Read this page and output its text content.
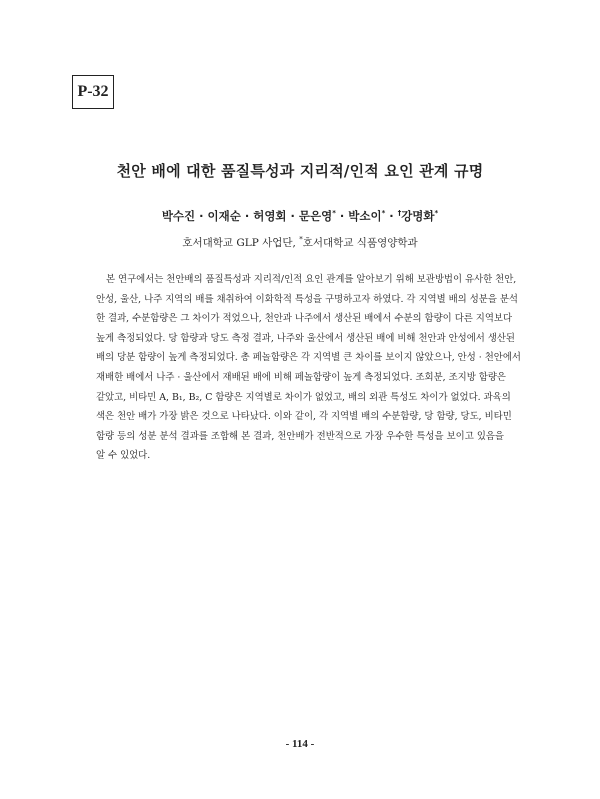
P-32
천안 배에 대한 품질특성과 지리적/인적 요인 관계 규명
박수진 · 이재순 · 허영회 · 문은영* · 박소이* · †강명화*
호서대학교 GLP 사업단, *호서대학교 식품영양학과
본 연구에서는 천안배의 품질특성과 지리적/인적 요인 관계를 알아보기 위해 보관방법이 유사한 천안,
안성, 울산, 나주 지역의 배를 채취하여 이화학적 특성을 구명하고자 하였다. 각 지역별 배의 성분을 분석
한 결과, 수분함량은 그 차이가 적었으나, 천안과 나주에서 생산된 배에서 수분의 함량이 다른 지역보다
높게 측정되었다. 당 함량과 당도 측정 결과, 나주와 울산에서 생산된 배에 비해 천안과 안성에서 생산된
배의 당분 함량이 높게 측정되었다. 총 페놀함량은 각 지역별 큰 차이를 보이지 않았으나, 안성 · 천안에서
재배한 배에서 나주 · 울산에서 재배된 배에 비해 페놀함량이 높게 측정되었다. 조회분, 조지방 함량은
같았고, 비타민 A, B₁, B₂, C 함량은 지역별로 차이가 없었고, 배의 외관 특성도 차이가 없었다. 과육의
색은 천안 배가 가장 밝은 것으로 나타났다. 이와 같이, 각 지역별 배의 수분함량, 당 함량, 당도, 비타민
함량 등의 성분 분석 결과를 조합해 본 결과, 천안배가 전반적으로 가장 우수한 특성을 보이고 있음을
알 수 있었다.
- 114 -
